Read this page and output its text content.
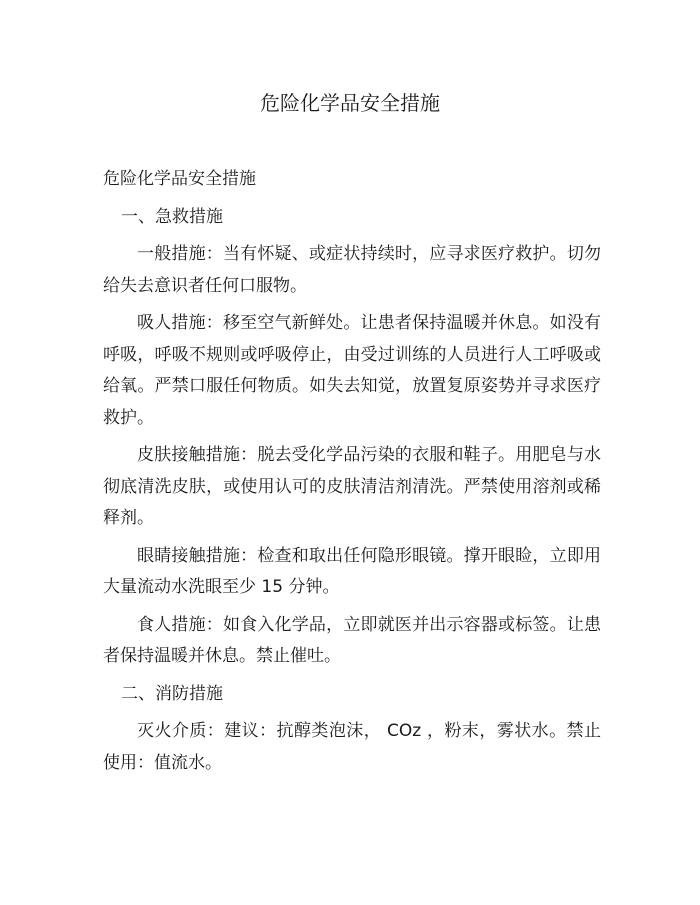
危险化学品安全措施

危险化学品安全措施

一、急救措施

一般措施：当有怀疑、或症状持续时，应寻求医疗救护。切勿给失去意识者任何口服物。

吸人措施：移至空气新鲜处。让患者保持温暖并休息。如没有呼吸，呼吸不规则或呼吸停止，由受过训练的人员进行人工呼吸或给氧。严禁口服任何物质。如失去知觉，放置复原姿势并寻求医疗救护。

皮肤接触措施：脱去受化学品污染的衣服和鞋子。用肥皂与水彻底清洗皮肤，或使用认可的皮肤清洁剂清洗。严禁使用溶剂或稀释剂。

眼睛接触措施：检查和取出任何隐形眼镜。撑开眼睑，立即用大量流动水洗眼至少 15 分钟。

食人措施：如食入化学品，立即就医并出示容器或标签。让患者保持温暖并休息。禁止催吐。

二、消防措施

灭火介质：建议：抗醇类泡沫， COz ，粉末，雾状水。禁止使用：值流水。
